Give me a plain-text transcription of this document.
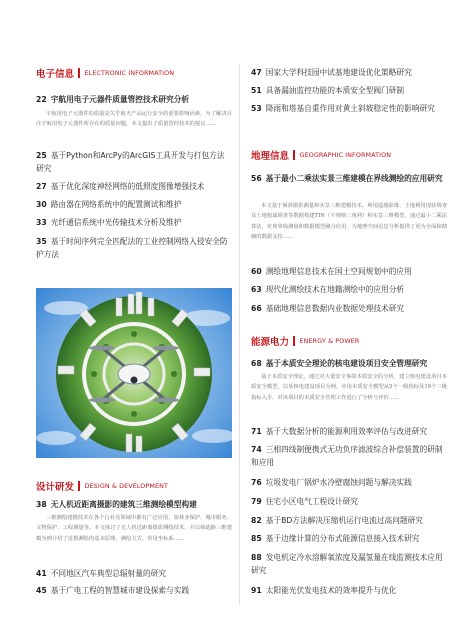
电子信息 ELECTRONIC INFORMATION
22 宇航用电子元器件质量管控技术研究分析
宇航用电子元器件的质量是关乎航天产品运行安全的重要影响因素，为了解决目注宇航用电子元器件所存在的质量问题，本文提出了质量管控技术的提议……
25 基于Python和ArcPy的ArcGIS工具开发与打包方法研究
27 基于优化深度神经网络的低照度图像增强技术
30 路由器在网络系统中的配置测试和维护
33 光纤通信系统中光传输技术分析及维护
35 基于时间序列完全匹配法的工业控制网络入侵安全防护方法
设计研发 DESIGN & DEVELOPMENT
38 无人机近距离摄影的建筑三维测绘模型构建
三维测绘建模技术在各个行业及领域中都有广泛应用，如林业保护、城市服务、文物保护、工程测量等。本文探讨了无人机近距离摄影测绘技术，并以韩迪路三维建模为例介绍了近摄测绘的基本原理、测绘方式、常用坐标系……
41 不同地区汽车典型总辐射量的研究
45 基于广电工程的智慧城市建设探索与实践
47 国家大学科技园中试基地建设优化策略研究
51 具备漏油监控功能的本质安全型阀门研制
53 降雨和塔基自重作用对黄土斜坡稳定性的影响研究
地理信息 GEOGRAPHIC INFORMATION
56 基于最小二乘法实景三维建模在界线测绘的应用研究
本文基于倾斜摄影测量和实景三维建模技术，利用遥感影像、土地利用现状调查及土地权属调查等数据构建TIN（不规则三角网）和实景三维模型，通过最小二乘法算法，实现界线测量和数据模型融合应用，为地理空间信息分析提供了更为全面和精确的数据支持……
60 测绘地理信息技术在国土空间规划中的应用
63 现代化测绘技术在地籍测绘中的应用分析
66 基础地理信息数据内业数据处理技术研究
能源电力 ENERGY & POWER
68 基于本质安全理论的核电建设项目安全管理研究
基于本质安全理论，通过对大量安全事故本质安全的分析，建立核电建设项目本质安全模型，以某核电建设项目为例，应用本质安全模型从5个一级指标及19个二级指标入手，对该项目的本质安全管理工作进行了分析与评价……
71 基于大数据分析的能源利用效率评估与改进研究
74 三相四线制便携式无功负序滤波综合补偿装置的研制和应用
76 垃圾发电厂锅炉水冷壁腐蚀问题与解决实践
79 住宅小区电气工程设计研究
82 基于BD方法解决压缩机运行电流过高问题研究
85 基于边缘计算的分布式能源信息接入技术研究
88 发电机定冷水溶解氧浓度及漏氢量在线监测技术应用研究
91 太阳能光伏发电技术的效率提升与优化
